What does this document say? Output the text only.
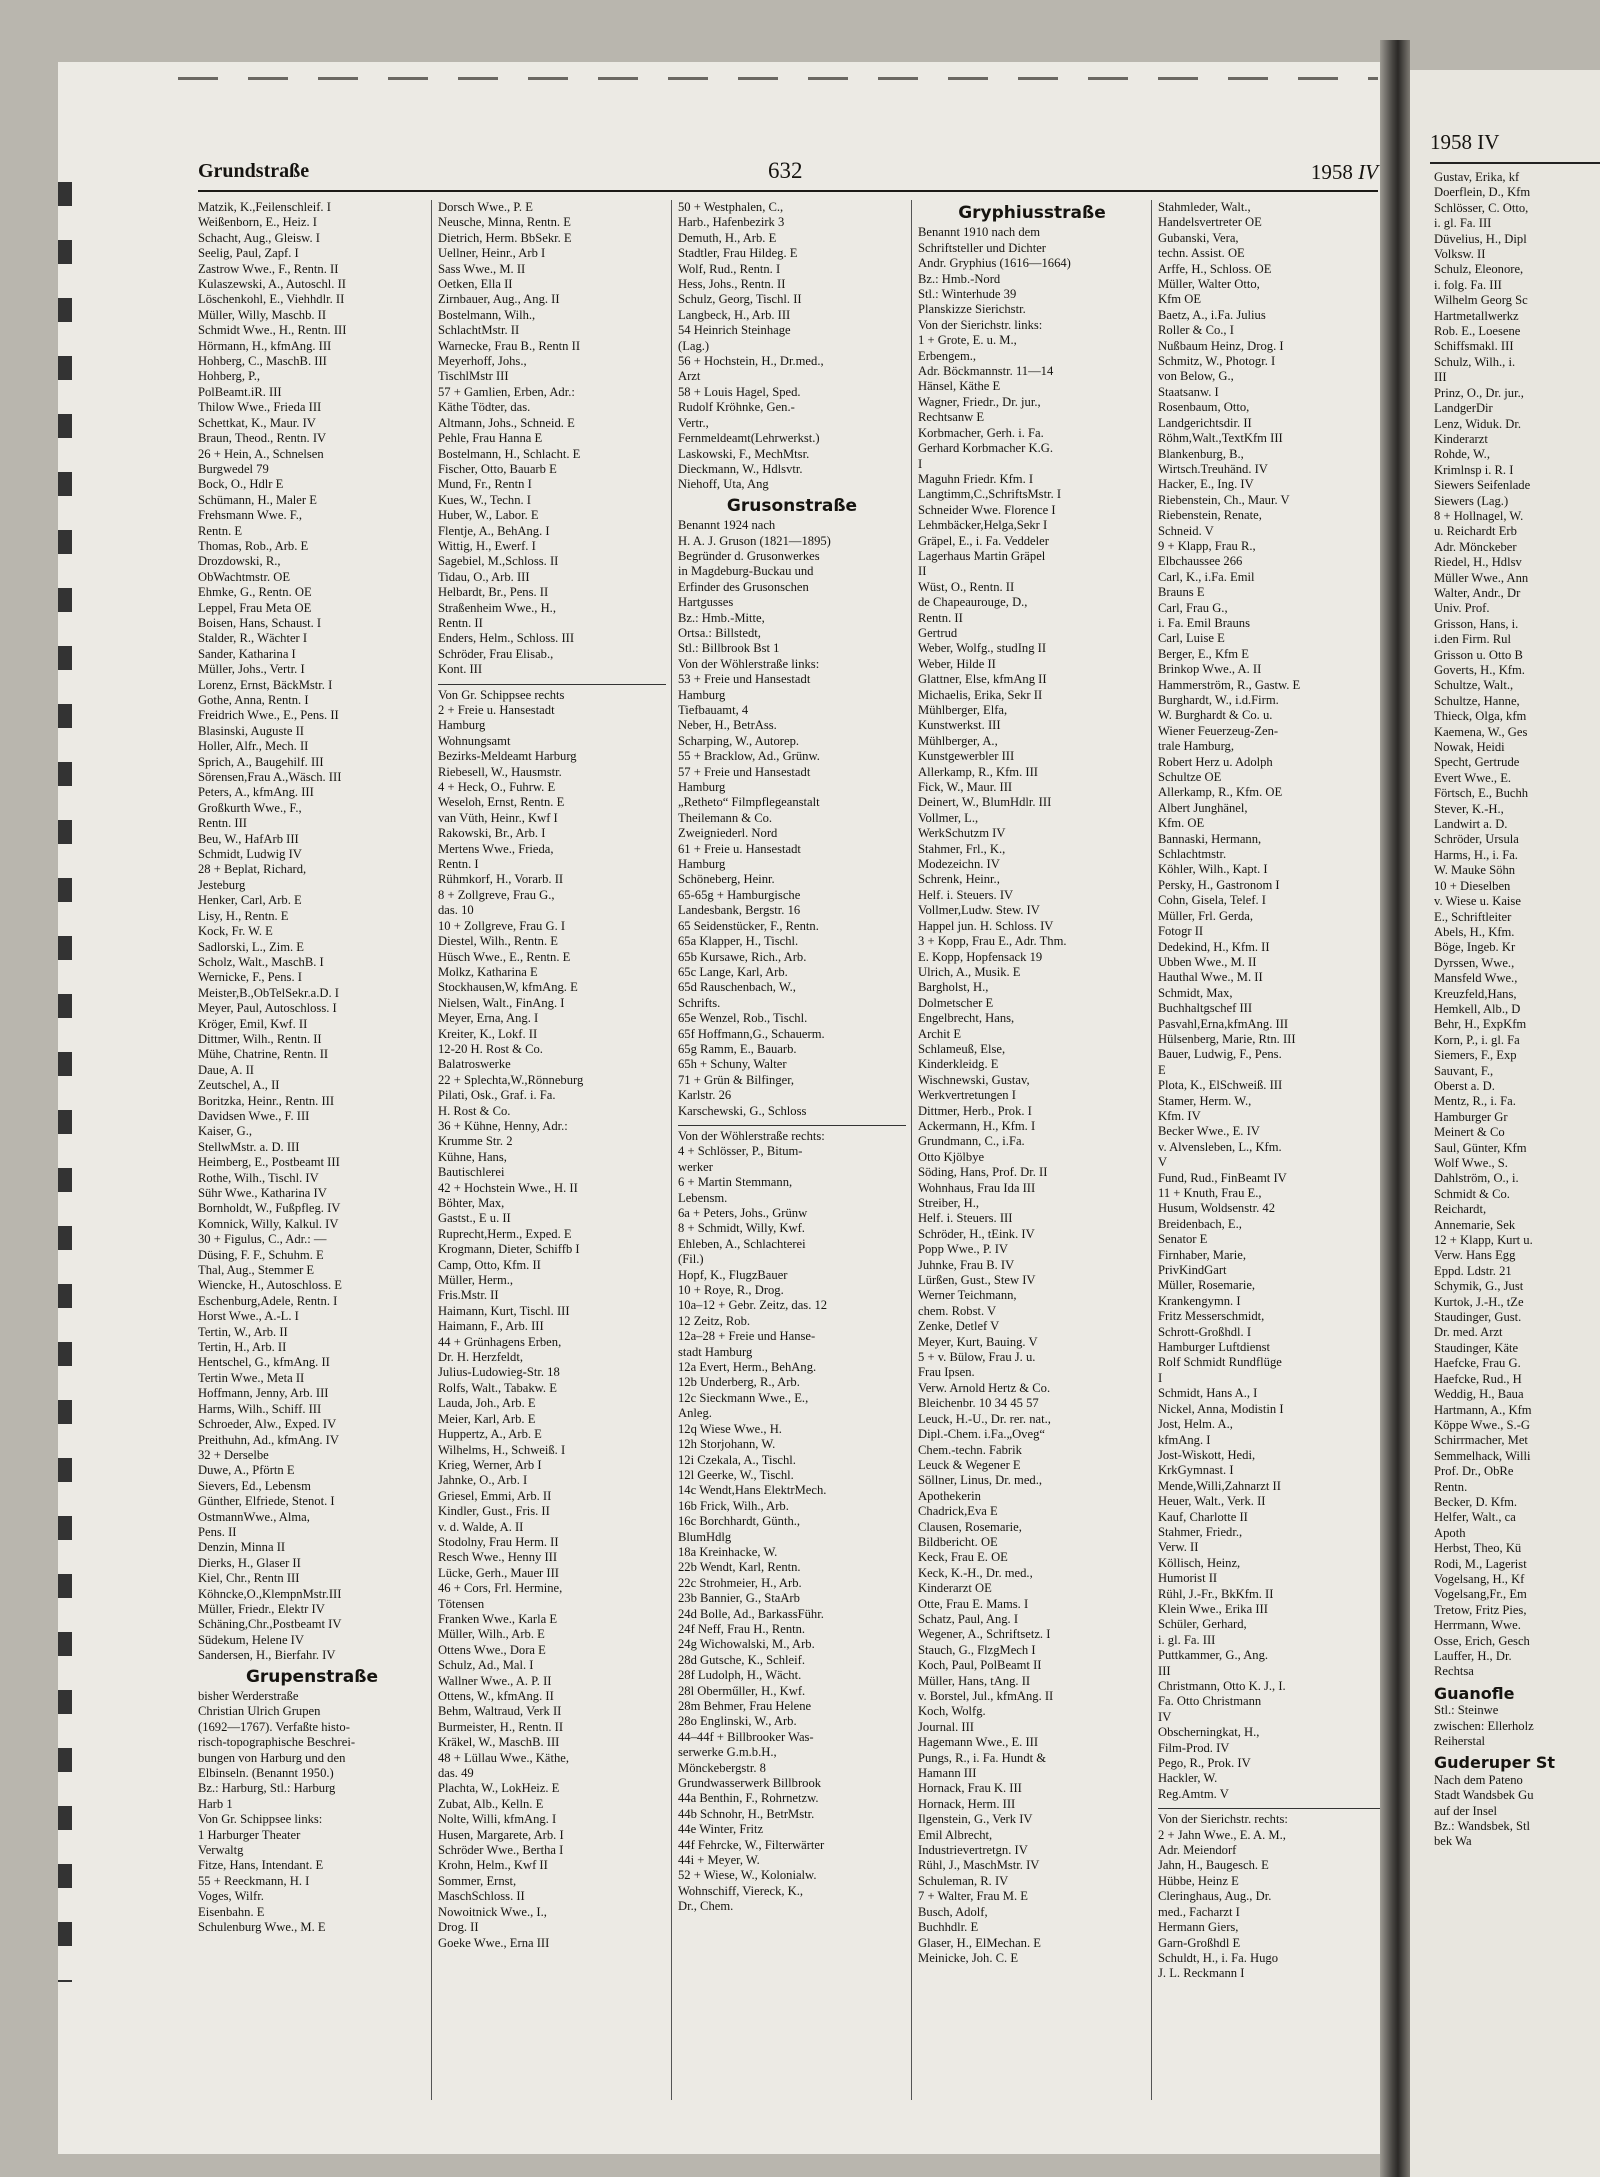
Grundstraße	632	1958 IV
Matzik, K.,Feilenschleif. I
Weißenborn, E., Heiz. I
Schacht, Aug., Gleisw. I
Seelig, Paul, Zapf. I
Zastrow Wwe., F., Rentn. II
Kulaszewski, A., Autoschl. II
Löschenkohl, E., Viehhdlr. II
Müller, Willy, Maschb. II
Schmidt Wwe., H., Rentn. III
Hörmann, H., kfmAng. III
Hohberg, C., MaschB. III
Hohberg, P.,
PolBeamt.iR. III
Thilow Wwe., Frieda III
Schettkat, K., Maur. IV
Braun, Theod., Rentn. IV
26 + Hein, A., Schnelsen
Burgwedel 79
Bock, O., Hdlr E
Schümann, H., Maler E
Frehsmann Wwe. F.,
Rentn. E
Thomas, Rob., Arb. E
Drozdowski, R.,
ObWachtmstr. OE
Ehmke, G., Rentn. OE
Leppel, Frau Meta OE
Boisen, Hans, Schaust. I
Stalder, R., Wächter I
Sander, Katharina I
Müller, Johs., Vertr. I
Lorenz, Ernst, BäckMstr. I
Gothe, Anna, Rentn. I
Freidrich Wwe., E., Pens. II
Blasinski, Auguste II
Holler, Alfr., Mech. II
Sprich, A., Baugehilf. III
Sörensen,Frau A.,Wäsch. III
Peters, A., kfmAng. III
Großkurth Wwe., F.,
Rentn. III
Beu, W., HafArb III
Schmidt, Ludwig IV
28 + Beplat, Richard,
Jesteburg
Henker, Carl, Arb. E
Lisy, H., Rentn. E
Kock, Fr. W. E
Sadlorski, L., Zim. E
Scholz, Walt., MaschB. I
Wernicke, F., Pens. I
Meister,B.,ObTelSekr.a.D. I
Meyer, Paul, Autoschloss. I
Kröger, Emil, Kwf. II
Dittmer, Wilh., Rentn. II
Mühe, Chatrine, Rentn. II
Daue, A. II
Zeutschel, A., II
Boritzka, Heinr., Rentn. III
Davidsen Wwe., F. III
Kaiser, G.,
StellwMstr. a. D. III
Heimberg, E., Postbeamt III
Rothe, Wilh., Tischl. IV
Sühr Wwe., Katharina IV
Bornholdt, W., Fußpfleg. IV
Komnick, Willy, Kalkul. IV
30 + Figulus, C., Adr.: —
Düsing, F. F., Schuhm. E
Thal, Aug., Stemmer E
Wiencke, H., Autoschloss. E
Eschenburg,Adele, Rentn. I
Horst Wwe., A.-L. I
Tertin, W., Arb. II
Tertin, H., Arb. II
Hentschel, G., kfmAng. II
Tertin Wwe., Meta II
Hoffmann, Jenny, Arb. III
Harms, Wilh., Schiff. III
Schroeder, Alw., Exped. IV
Preithuhn, Ad., kfmAng. IV
32 + Derselbe
Duwe, A., Pförtn E
Sievers, Ed., Lebensm
Günther, Elfriede, Stenot. I
OstmannWwe., Alma,
Pens. II
Denzin, Minna II
Dierks, H., Glaser II
Kiel, Chr., Rentn III
Köhncke,O.,KlempnMstr.III
Müller, Friedr., Elektr IV
Schäning,Chr.,Postbeamt IV
Südekum, Helene IV
Sandersen, H., Bierfahr. IV
Grupenstraße
bisher Werderstraße
Christian Ulrich Grupen
(1692—1767). Verfaßte histo-
risch-topographische Beschrei-
bungen von Harburg und den
Elbinseln. (Benannt 1950.)
Bz.: Harburg, Stl.: Harburg
Harb 1
Von Gr. Schippsee links:
1 Harburger Theater
Verwaltg
Fitze, Hans, Intendant. E
55 + Reeckmann, H. I
Voges, Wilfr.
Eisenbahn. E
Schulenburg Wwe., M. E
Dorsch Wwe., P. E
Neusche, Minna, Rentn. E
Dietrich, Herm. BbSekr. E
Uellner, Heinr., Arb I
Sass Wwe., M. II
Oetken, Ella II
Zirnbauer, Aug., Ang. II
Bostelmann, Wilh.,
SchlachtMstr. II
Warnecke, Frau B., Rentn II
Meyerhoff, Johs.,
TischlMstr III
57 + Gamlien, Erben, Adr.:
Käthe Tödter, das.
Altmann, Johs., Schneid. E
Pehle, Frau Hanna E
Bostelmann, H., Schlacht. E
Fischer, Otto, Bauarb E
Mund, Fr., Rentn I
Kues, W., Techn. I
Huber, W., Labor. E
Flentje, A., BehAng. I
Wittig, H., Ewerf. I
Sagebiel, M.,Schloss. II
Tidau, O., Arb. III
Helbardt, Br., Pens. II
Straßenheim Wwe., H.,
Rentn. II
Enders, Helm., Schloss. III
Schröder, Frau Elisab.,
Kont. III
Von Gr. Schippsee rechts
2 + Freie u. Hansestadt
Hamburg
Wohnungsamt
Bezirks-Meldeamt Harburg
Riebesell, W., Hausmstr.
4 + Heck, O., Fuhrw. E
Weseloh, Ernst, Rentn. E
van Vüth, Heinr., Kwf I
Rakowski, Br., Arb. I
Mertens Wwe., Frieda,
Rentn. I
Rühmkorf, H., Vorarb. II
8 + Zollgreve, Frau G.,
das. 10
10 + Zollgreve, Frau G. I
Diestel, Wilh., Rentn. E
Hüsch Wwe., E., Rentn. E
Molkz, Katharina E
Stockhausen,W, kfmAng. E
Nielsen, Walt., FinAng. I
Meyer, Erna, Ang. I
Kreiter, K., Lokf. II
12-20 H. Rost & Co.
Balatroswerke
22 + Splechta,W.,Rönneburg
Pilati, Osk., Graf. i. Fa.
H. Rost & Co.
36 + Kühne, Henny, Adr.:
Krumme Str. 2
Kühne, Hans,
Bautischlerei
42 + Hochstein Wwe., H. II
Böhter, Max,
Gastst., E u. II
Ruprecht,Herm., Exped. E
Krogmann, Dieter, Schiffb I
Camp, Otto, Kfm. II
Müller, Herm.,
Fris.Mstr. II
Haimann, Kurt, Tischl. III
Haimann, F., Arb. III
44 + Grünhagens Erben,
Dr. H. Herzfeldt,
Julius-Ludowieg-Str. 18
Rolfs, Walt., Tabakw. E
Lauda, Joh., Arb. E
Meier, Karl, Arb. E
Huppertz, A., Arb. E
Wilhelms, H., Schweiß. I
Krieg, Werner, Arb I
Jahnke, O., Arb. I
Griesel, Emmi, Arb. II
Kindler, Gust., Fris. II
v. d. Walde, A. II
Stodolny, Frau Herm. II
Resch Wwe., Henny III
Lücke, Gerh., Mauer III
46 + Cors, Frl. Hermine,
Tötensen
Franken Wwe., Karla E
Müller, Wilh., Arb. E
Ottens Wwe., Dora E
Schulz, Ad., Mal. I
Wallner Wwe., A. P. II
Ottens, W., kfmAng. II
Behm, Waltraud, Verk II
Burmeister, H., Rentn. II
Kräkel, W., MaschB. III
48 + Lüllau Wwe., Käthe,
das. 49
Plachta, W., LokHeiz. E
Zubat, Alb., Kelln. E
Nolte, Willi, kfmAng. I
Husen, Margarete, Arb. I
Schröder Wwe., Bertha I
Krohn, Helm., Kwf II
Sommer, Ernst,
MaschSchloss. II
Nowoitnick Wwe., I.,
Drog. II
Goeke Wwe., Erna III
50 + Westphalen, C.,
Harb., Hafenbezirk 3
Demuth, H., Arb. E
Stadtler, Frau Hildeg. E
Wolf, Rud., Rentn. I
Hess, Johs., Rentn. II
Schulz, Georg, Tischl. II
Langbeck, H., Arb. III
54 Heinrich Steinhage
(Lag.)
56 + Hochstein, H., Dr.med.,
Arzt
58 + Louis Hagel, Sped.
Rudolf Kröhnke, Gen.-
Vertr.,
Fernmeldeamt(Lehrwerkst.)
Laskowski, F., MechMtsr.
Dieckmann, W., Hdlsvtr.
Niehoff, Uta, Ang
Grusonstraße
Benannt 1924 nach
H. A. J. Gruson (1821—1895)
Begründer d. Grusonwerkes
in Magdeburg-Buckau und
Erfinder des Grusonschen
Hartgusses
Bz.: Hmb.-Mitte,
Ortsa.: Billstedt,
Stl.: Billbrook Bst 1
Von der Wöhlerstraße links:
53 + Freie und Hansestadt
Hamburg
Tiefbauamt, 4
Neber, H., BetrAss.
Scharping, W., Autorep.
55 + Bracklow, Ad., Grünw.
57 + Freie und Hansestadt
Hamburg
„Retheto“ Filmpflegeanstalt
Theilemann & Co.
Zweigniederl. Nord
61 + Freie u. Hansestadt
Hamburg
Schöneberg, Heinr.
65-65g + Hamburgische
Landesbank, Bergstr. 16
65 Seidenstücker, F., Rentn.
65a Klapper, H., Tischl.
65b Kursawe, Rich., Arb.
65c Lange, Karl, Arb.
65d Rauschenbach, W.,
Schrifts.
65e Wenzel, Rob., Tischl.
65f Hoffmann,G., Schauerm.
65g Ramm, E., Bauarb.
65h + Schuny, Walter
71 + Grün & Bilfinger,
Karlstr. 26
Karschewski, G., Schloss
Von der Wöhlerstraße rechts:
4 + Schlösser, P., Bitum-
werker
6 + Martin Stemmann,
Lebensm.
6a + Peters, Johs., Grünw
8 + Schmidt, Willy, Kwf.
Ehleben, A., Schlachterei
(Fil.)
Hopf, K., FlugzBauer
10 + Roye, R., Drog.
10a–12 + Gebr. Zeitz, das. 12
12 Zeitz, Rob.
12a–28 + Freie und Hanse-
stadt Hamburg
12a Evert, Herm., BehAng.
12b Underberg, R., Arb.
12c Sieckmann Wwe., E.,
Anleg.
12q Wiese Wwe., H.
12h Storjohann, W.
12i Czekala, A., Tischl.
12l Geerke, W., Tischl.
14c Wendt,Hans ElektrMech.
16b Frick, Wilh., Arb.
16c Borchhardt, Günth.,
BlumHdlg
18a Kreinhacke, W.
22b Wendt, Karl, Rentn.
22c Strohmeier, H., Arb.
23b Bannier, G., StaArb
24d Bolle, Ad., BarkassFühr.
24f Neff, Frau H., Rentn.
24g Wichowalski, M., Arb.
28d Gutsche, K., Schleif.
28f Ludolph, H., Wächt.
28l Oberműller, H., Kwf.
28m Behmer, Frau Helene
28o Englinski, W., Arb.
44–44f + Billbrooker Was-
serwerke G.m.b.H.,
Mönckebergstr. 8
Grundwasserwerk Billbrook
44a Benthin, F., Rohrnetzw.
44b Schnohr, H., BetrMstr.
44e Winter, Fritz
44f Fehrcke, W., Filterwärter
44i + Meyer, W.
52 + Wiese, W., Kolonialw.
Wohnschiff, Viereck, K.,
Dr., Chem.
Gryphiusstraße
Benannt 1910 nach dem
Schriftsteller und Dichter
Andr. Gryphius (1616—1664)
Bz.: Hmb.-Nord
Stl.: Winterhude 39
Planskizze Sierichstr.
Von der Sierichstr. links:
1 + Grote, E. u. M.,
Erbengem.,
Adr. Böckmannstr. 11—14
Hänsel, Käthe E
Wagner, Friedr., Dr. jur.,
Rechtsanw E
Korbmacher, Gerh. i. Fa.
Gerhard Korbmacher K.G.
I
Maguhn Friedr. Kfm. I
Langtimm,C.,SchriftsMstr. I
Schneider Wwe. Florence I
Lehmbäcker,Helga,Sekr I
Gräpel, E., i. Fa. Veddeler
Lagerhaus Martin Gräpel
II
Wüst, O., Rentn. II
de Chapeaurouge, D.,
Rentn. II
Gertrud
Weber, Wolfg., studIng II
Weber, Hilde II
Glattner, Else, kfmAng II
Michaelis, Erika, Sekr II
Mühlberger, Elfa,
Kunstwerkst. III
Mühlberger, A.,
Kunstgewerbler III
Allerkamp, R., Kfm. III
Fick, W., Maur. III
Deinert, W., BlumHdlr. III
Vollmer, L.,
WerkSchutzm IV
Stahmer, Frl., K.,
Modezeichn. IV
Schrenk, Heinr.,
Helf. i. Steuers. IV
Vollmer,Ludw. Stew. IV
Happel jun. H. Schloss. IV
3 + Kopp, Frau E., Adr. Thm.
E. Kopp, Hopfensack 19
Ulrich, A., Musik. E
Bargholst, H.,
Dolmetscher E
Engelbrecht, Hans,
Archit E
Schlameuß, Else,
Kinderkleidg. E
Wischnewski, Gustav,
Werkvertretungen I
Dittmer, Herb., Prok. I
Ackermann, H., Kfm. I
Grundmann, C., i.Fa.
Otto Kjölbye
Söding, Hans, Prof. Dr. II
Wohnhaus, Frau Ida III
Streiber, H.,
Helf. i. Steuers. III
Schröder, H., tEink. IV
Popp Wwe., P. IV
Juhnke, Frau B. IV
Lürßen, Gust., Stew IV
Werner Teichmann,
chem. Robst. V
Zenke, Detlef V
Meyer, Kurt, Bauing. V
5 + v. Bülow, Frau J. u.
Frau Ipsen.
Verw. Arnold Hertz & Co.
Bleichenbr. 10 34 45 57
Leuck, H.-U., Dr. rer. nat.,
Dipl.-Chem. i.Fa.„Oveg“
Chem.-techn. Fabrik
Leuck & Wegener E
Söllner, Linus, Dr. med.,
Apothekerin
Chadrick,Eva E
Clausen, Rosemarie,
Bildbericht. OE
Keck, Frau E. OE
Keck, K.-H., Dr. med.,
Kinderarzt OE
Otte, Frau E. Mams. I
Schatz, Paul, Ang. I
Wegener, A., Schriftsetz. I
Stauch, G., FlzgMech I
Koch, Paul, PolBeamt II
Müller, Hans, tAng. II
v. Borstel, Jul., kfmAng. II
Koch, Wolfg.
Journal. III
Hagemann Wwe., E. III
Pungs, R., i. Fa. Hundt &
Hamann III
Hornack, Frau K. III
Hornack, Herm. III
Ilgenstein, G., Verk IV
Emil Albrecht,
Industrievertretgn. IV
Rühl, J., MaschMstr. IV
Schuleman, R. IV
7 + Walter, Frau M. E
Busch, Adolf,
Buchhdlr. E
Glaser, H., ElMechan. E
Meinicke, Joh. C. E
Stahmleder, Walt.,
Handelsvertreter OE
Gubanski, Vera,
techn. Assist. OE
Arffe, H., Schloss. OE
Müller, Walter Otto,
Kfm OE
Baetz, A., i.Fa. Julius
Roller & Co., I
Nußbaum Heinz, Drog. I
Schmitz, W., Photogr. I
von Below, G.,
Staatsanw. I
Rosenbaum, Otto,
Landgerichtsdir. II
Röhm,Walt.,TextKfm III
Blankenburg, B.,
Wirtsch.Treuhänd. IV
Hacker, E., Ing. IV
Riebenstein, Ch., Maur. V
Riebenstein, Renate,
Schneid. V
9 + Klapp, Frau R.,
Elbchaussee 266
Carl, K., i.Fa. Emil
Brauns E
Carl, Frau G.,
i. Fa. Emil Brauns
Carl, Luise E
Berger, E., Kfm E
Brinkop Wwe., A. II
Hammerström, R., Gastw. E
Burghardt, W., i.d.Firm.
W. Burghardt & Co. u.
Wiener Feuerzeug-Zen-
trale Hamburg,
Robert Herz u. Adolph
Schultze OE
Allerkamp, R., Kfm. OE
Albert Junghänel,
Kfm. OE
Bannaski, Hermann,
Schlachtmstr.
Köhler, Wilh., Kapt. I
Persky, H., Gastronom I
Cohn, Gisela, Telef. I
Müller, Frl. Gerda,
Fotogr II
Dedekind, H., Kfm. II
Ubben Wwe., M. II
Hauthal Wwe., M. II
Schmidt, Max,
Buchhaltgschef III
Pasvahl,Erna,kfmAng. III
Hülsenberg, Marie, Rtn. III
Bauer, Ludwig, F., Pens.
E
Plota, K., ElSchweiß. III
Stamer, Herm. W.,
Kfm. IV
Becker Wwe., E. IV
v. Alvensleben, L., Kfm.
V
Fund, Rud., FinBeamt IV
11 + Knuth, Frau E.,
Husum, Woldsenstr. 42
Breidenbach, E.,
Senator E
Firnhaber, Marie,
PrivKindGart
Müller, Rosemarie,
Krankengymn. I
Fritz Messerschmidt,
Schrott-Großhdl. I
Hamburger Luftdienst
Rolf Schmidt Rundflüge
I
Schmidt, Hans A., I
Nickel, Anna, Modistin I
Jost, Helm. A.,
kfmAng. I
Jost-Wiskott, Hedi,
KrkGymnast. I
Mende,Willi,Zahnarzt II
Heuer, Walt., Verk. II
Kauf, Charlotte II
Stahmer, Friedr.,
Verw. II
Köllisch, Heinz,
Humorist II
Rühl, J.-Fr., BkKfm. II
Klein Wwe., Erika III
Schüler, Gerhard,
i. gl. Fa. III
Puttkammer, G., Ang.
III
Christmann, Otto K. J., I.
Fa. Otto Christmann
IV
Obscherningkat, H.,
Film-Prod. IV
Pego, R., Prok. IV
Hackler, W.
Reg.Amtm. V
Von der Sierichstr. rechts:
2 + Jahn Wwe., E. A. M.,
Adr. Meiendorf
Jahn, H., Baugesch. E
Hübbe, Heinz E
Cleringhaus, Aug., Dr.
med., Facharzt I
Hermann Giers,
Garn-Großhdl E
Schuldt, H., i. Fa. Hugo
J. L. Reckmann I
1958 IV
Gustav, Erika, kf
Doerflein, D., Kfm
Schlösser, C. Otto,
i. gl. Fa. III
Düvelius, H., Dipl
Volksw. II
Schulz, Eleonore,
i. folg. Fa. III
Wilhelm Georg Sc
Hartmetallwerkz
Rob. E., Loesene
Schiffsmakl. III
Schulz, Wilh., i.
III
Prinz, O., Dr. jur.,
LandgerDir
Lenz, Widuk. Dr.
Kinderarzt
Rohde, W.,
Krimlnsp i. R. I
Siewers Seifenlade
Siewers (Lag.)
8 + Hollnagel, W.
u. Reichardt Erb
Adr. Mönckeber
Riedel, H., Hdlsv
Müller Wwe., Ann
Walter, Andr., Dr
Univ. Prof.
Grisson, Hans, i.
i.den Firm. Rul
Grisson u. Otto B
Goverts, H., Kfm.
Schultze, Walt.,
Schultze, Hanne,
Thieck, Olga, kfm
Kaemena, W., Ges
Nowak, Heidi
Specht, Gertrude
Evert Wwe., E.
Förtsch, E., Buchh
Stever, K.-H.,
Landwirt a. D.
Schröder, Ursula
Harms, H., i. Fa.
W. Mauke Söhn
10 + Dieselben
v. Wiese u. Kaise
E., Schriftleiter
Abels, H., Kfm.
Böge, Ingeb. Kr
Dyrssen, Wwe.,
Mansfeld Wwe.,
Kreuzfeld,Hans,
Hemkell, Alb., D
Behr, H., ExpKfm
Korn, P., i. gl. Fa
Siemers, F., Exp
Sauvant, F.,
Oberst a. D.
Mentz, R., i. Fa.
Hamburger Gr
Meinert & Co
Saul, Günter, Kfm
Wolf Wwe., S.
Dahlström, O., i.
Schmidt & Co.
Reichardt,
Annemarie, Sek
12 + Klapp, Kurt u.
Verw. Hans Egg
Eppd. Ldstr. 21
Schymik, G., Just
Kurtok, J.-H., tZe
Staudinger, Gust.
Dr. med. Arzt
Staudinger, Käte
Haefcke, Frau G.
Haefcke, Rud., H
Weddig, H., Baua
Hartmann, A., Kfm
Köppe Wwe., S.-G
Schirrmacher, Met
Semmelhack, Willi
Prof. Dr., ObRe
Rentn.
Becker, D. Kfm.
Helfer, Walt., ca
Apoth
Herbst, Theo, Kü
Rodi, M., Lagerist
Vogelsang, H., Kf
Vogelsang,Fr., Em
Tretow, Fritz Pies,
Herrmann, Wwe.
Osse, Erich, Gesch
Lauffer, H., Dr.
Rechtsa
Guanofle
Stl.: Steinwe
zwischen: Ellerholz
Reiherstal
Guderuper St
Nach dem Pateno
Stadt Wandsbek Gu
auf der Insel
Bz.: Wandsbek, Stl
bek Wa
